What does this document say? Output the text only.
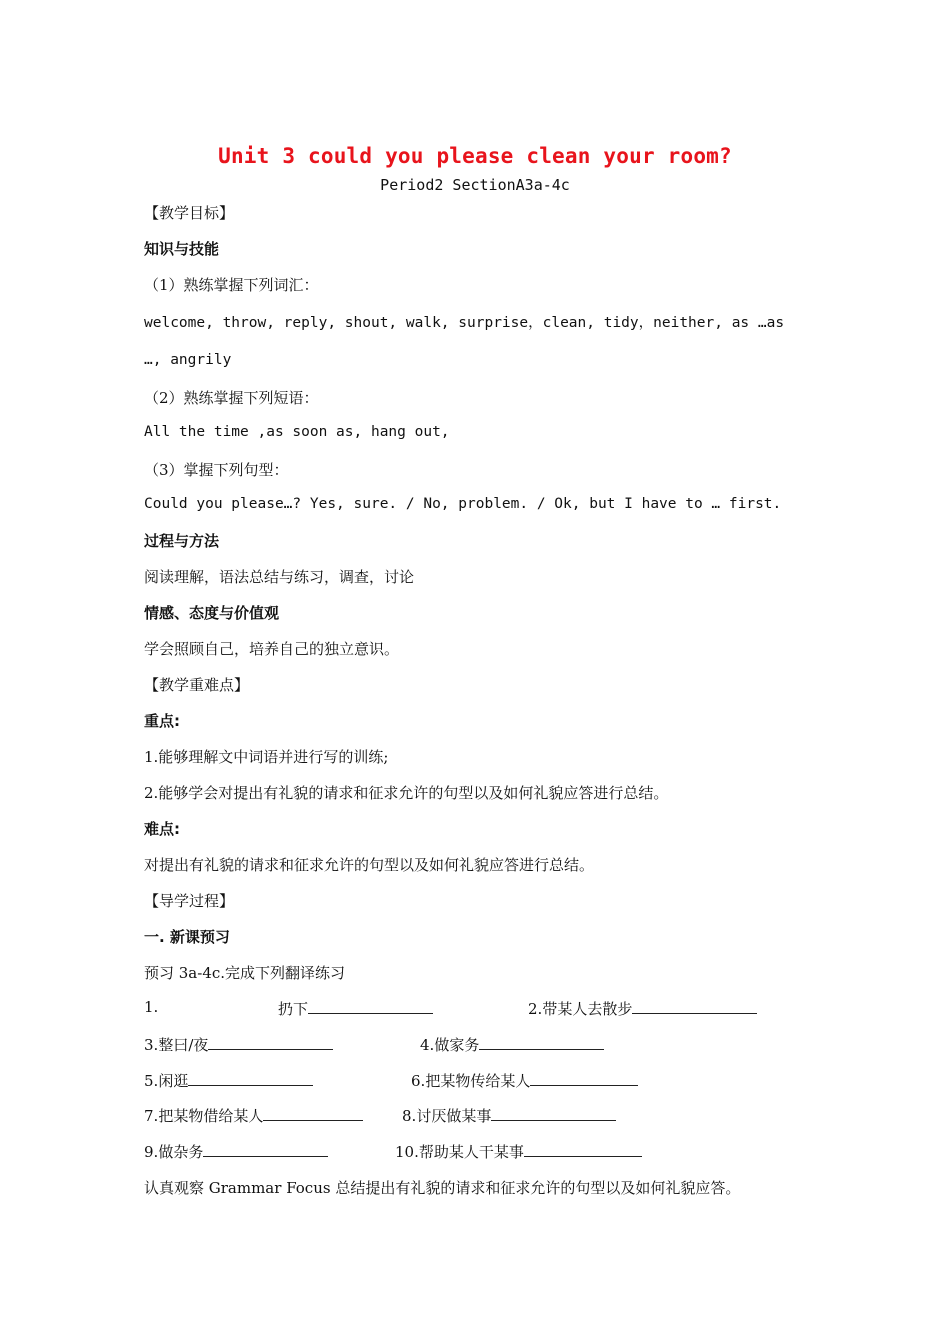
Unit 3 could you please clean your room?
Period2 SectionA3a-4c
【教学目标】
知识与技能
（1）熟练掌握下列词汇：
welcome, throw, reply, shout, walk, surprise，clean, tidy，neither, as …as
…, angrily
（2）熟练掌握下列短语：
All the time ,as soon as, hang out,
（3）掌握下列句型：
Could you please…? Yes, sure. / No, problem. / Ok, but I have to … first.
过程与方法
阅读理解，语法总结与练习，调查，讨论
情感、态度与价值观
学会照顾自己，培养自己的独立意识。
【教学重难点】
重点:
1.能够理解文中词语并进行写的训练;
2.能够学会对提出有礼貌的请求和征求允许的句型以及如何礼貌应答进行总结。
难点:
对提出有礼貌的请求和征求允许的句型以及如何礼貌应答进行总结。
【导学过程】
一. 新课预习
预习 3a-4c.完成下列翻译练习
1.	扔下	2.带某人去散步
3.整曰/夜	4.做家务
5.闲逛	6.把某物传给某人
7.把某物借给某人	8.讨厌做某事
9.做杂务	10.帮助某人干某事
认真观察 Grammar Focus 总结提出有礼貌的请求和征求允许的句型以及如何礼貌应答。
